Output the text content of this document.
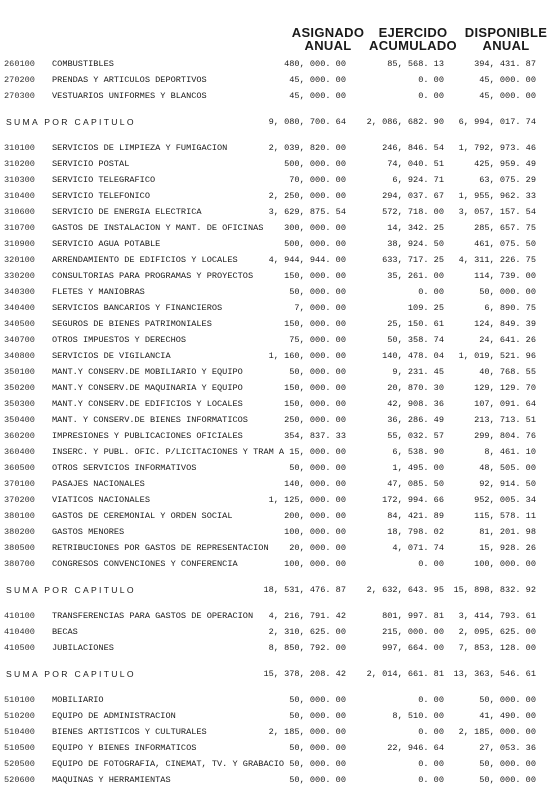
ASIGNADO
ANUAL
EJERCIDO
ACUMULADO
DISPONIBLE
ANUAL
260100	COMBUSTIBLES	480, 000. 00	85, 568. 13	394, 431. 87
270200	PRENDAS Y ARTICULOS DEPORTIVOS	45, 000. 00	0. 00	45, 000. 00
270300	VESTUARIOS UNIFORMES Y BLANCOS	45, 000. 00	0. 00	45, 000. 00
SUMA POR CAPITULO	9, 080, 700. 64	2, 086, 682. 90	6, 994, 017. 74
310100	SERVICIOS DE LIMPIEZA Y FUMIGACION	2, 039, 820. 00	246, 846. 54	1, 792, 973. 46
310200	SERVICIO POSTAL	500, 000. 00	74, 040. 51	425, 959. 49
310300	SERVICIO TELEGRAFICO	70, 000. 00	6, 924. 71	63, 075. 29
310400	SERVICIO TELEFONICO	2, 250, 000. 00	294, 037. 67	1, 955, 962. 33
310600	SERVICIO DE ENERGIA ELECTRICA	3, 629, 875. 54	572, 718. 00	3, 057, 157. 54
310700	GASTOS DE INSTALACION Y MANT. DE OFICINAS	300, 000. 00	14, 342. 25	285, 657. 75
310900	SERVICIO AGUA POTABLE	500, 000. 00	38, 924. 50	461, 075. 50
320100	ARRENDAMIENTO DE EDIFICIOS Y LOCALES	4, 944, 944. 00	633, 717. 25	4, 311, 226. 75
330200	CONSULTORIAS PARA PROGRAMAS Y PROYECTOS	150, 000. 00	35, 261. 00	114, 739. 00
340300	FLETES Y MANIOBRAS	50, 000. 00	0. 00	50, 000. 00
340400	SERVICIOS BANCARIOS Y FINANCIEROS	7, 000. 00	109. 25	6, 890. 75
340500	SEGUROS DE BIENES PATRIMONIALES	150, 000. 00	25, 150. 61	124, 849. 39
340700	OTROS IMPUESTOS Y DERECHOS	75, 000. 00	50, 358. 74	24, 641. 26
340800	SERVICIOS DE VIGILANCIA	1, 160, 000. 00	140, 478. 04	1, 019, 521. 96
350100	MANT.Y CONSERV.DE MOBILIARIO Y EQUIPO	50, 000. 00	9, 231. 45	40, 768. 55
350200	MANT.Y CONSERV.DE MAQUINARIA Y EQUIPO	150, 000. 00	20, 870. 30	129, 129. 70
350300	MANT.Y CONSERV.DE EDIFICIOS Y LOCALES	150, 000. 00	42, 908. 36	107, 091. 64
350400	MANT. Y CONSERV.DE BIENES INFORMATICOS	250, 000. 00	36, 286. 49	213, 713. 51
360200	IMPRESIONES Y PUBLICACIONES OFICIALES	354, 837. 33	55, 032. 57	299, 804. 76
360400	INSERC. Y PUBL. OFIC. P/LICITACIONES Y TRAM A 15, 000. 00	6, 538. 90	8, 461. 10
360500	OTROS SERVICIOS INFORMATIVOS	50, 000. 00	1, 495. 00	48, 505. 00
370100	PASAJES NACIONALES	140, 000. 00	47, 085. 50	92, 914. 50
370200	VIATICOS NACIONALES	1, 125, 000. 00	172, 994. 66	952, 005. 34
380100	GASTOS DE CEREMONIAL Y ORDEN SOCIAL	200, 000. 00	84, 421. 89	115, 578. 11
380200	GASTOS MENORES	100, 000. 00	18, 798. 02	81, 201. 98
380500	RETRIBUCIONES POR GASTOS DE REPRESENTACION	20, 000. 00	4, 071. 74	15, 928. 26
380700	CONGRESOS CONVENCIONES Y CONFERENCIA	100, 000. 00	0. 00	100, 000. 00
SUMA POR CAPITULO	18, 531, 476. 87	2, 632, 643. 95	15, 898, 832. 92
410100	TRANSFERENCIAS PARA GASTOS DE OPERACION	4, 216, 791. 42	801, 997. 81	3, 414, 793. 61
410400	BECAS	2, 310, 625. 00	215, 000. 00	2, 095, 625. 00
410500	JUBILACIONES	8, 850, 792. 00	997, 664. 00	7, 853, 128. 00
SUMA POR CAPITULO	15, 378, 208. 42	2, 014, 661. 81	13, 363, 546. 61
510100	MOBILIARIO	50, 000. 00	0. 00	50, 000. 00
510200	EQUIPO DE ADMINISTRACION	50, 000. 00	8, 510. 00	41, 490. 00
510400	BIENES ARTISTICOS Y CULTURALES	2, 185, 000. 00	0. 00	2, 185, 000. 00
510500	EQUIPO Y BIENES INFORMATICOS	50, 000. 00	22, 946. 64	27, 053. 36
520500	EQUIPO DE FOTOGRAFIA, CINEMAT, TV. Y GRABACIO 50, 000. 00	0. 00	50, 000. 00
520600	MAQUINAS Y HERRAMIENTAS	50, 000. 00	0. 00	50, 000. 00
